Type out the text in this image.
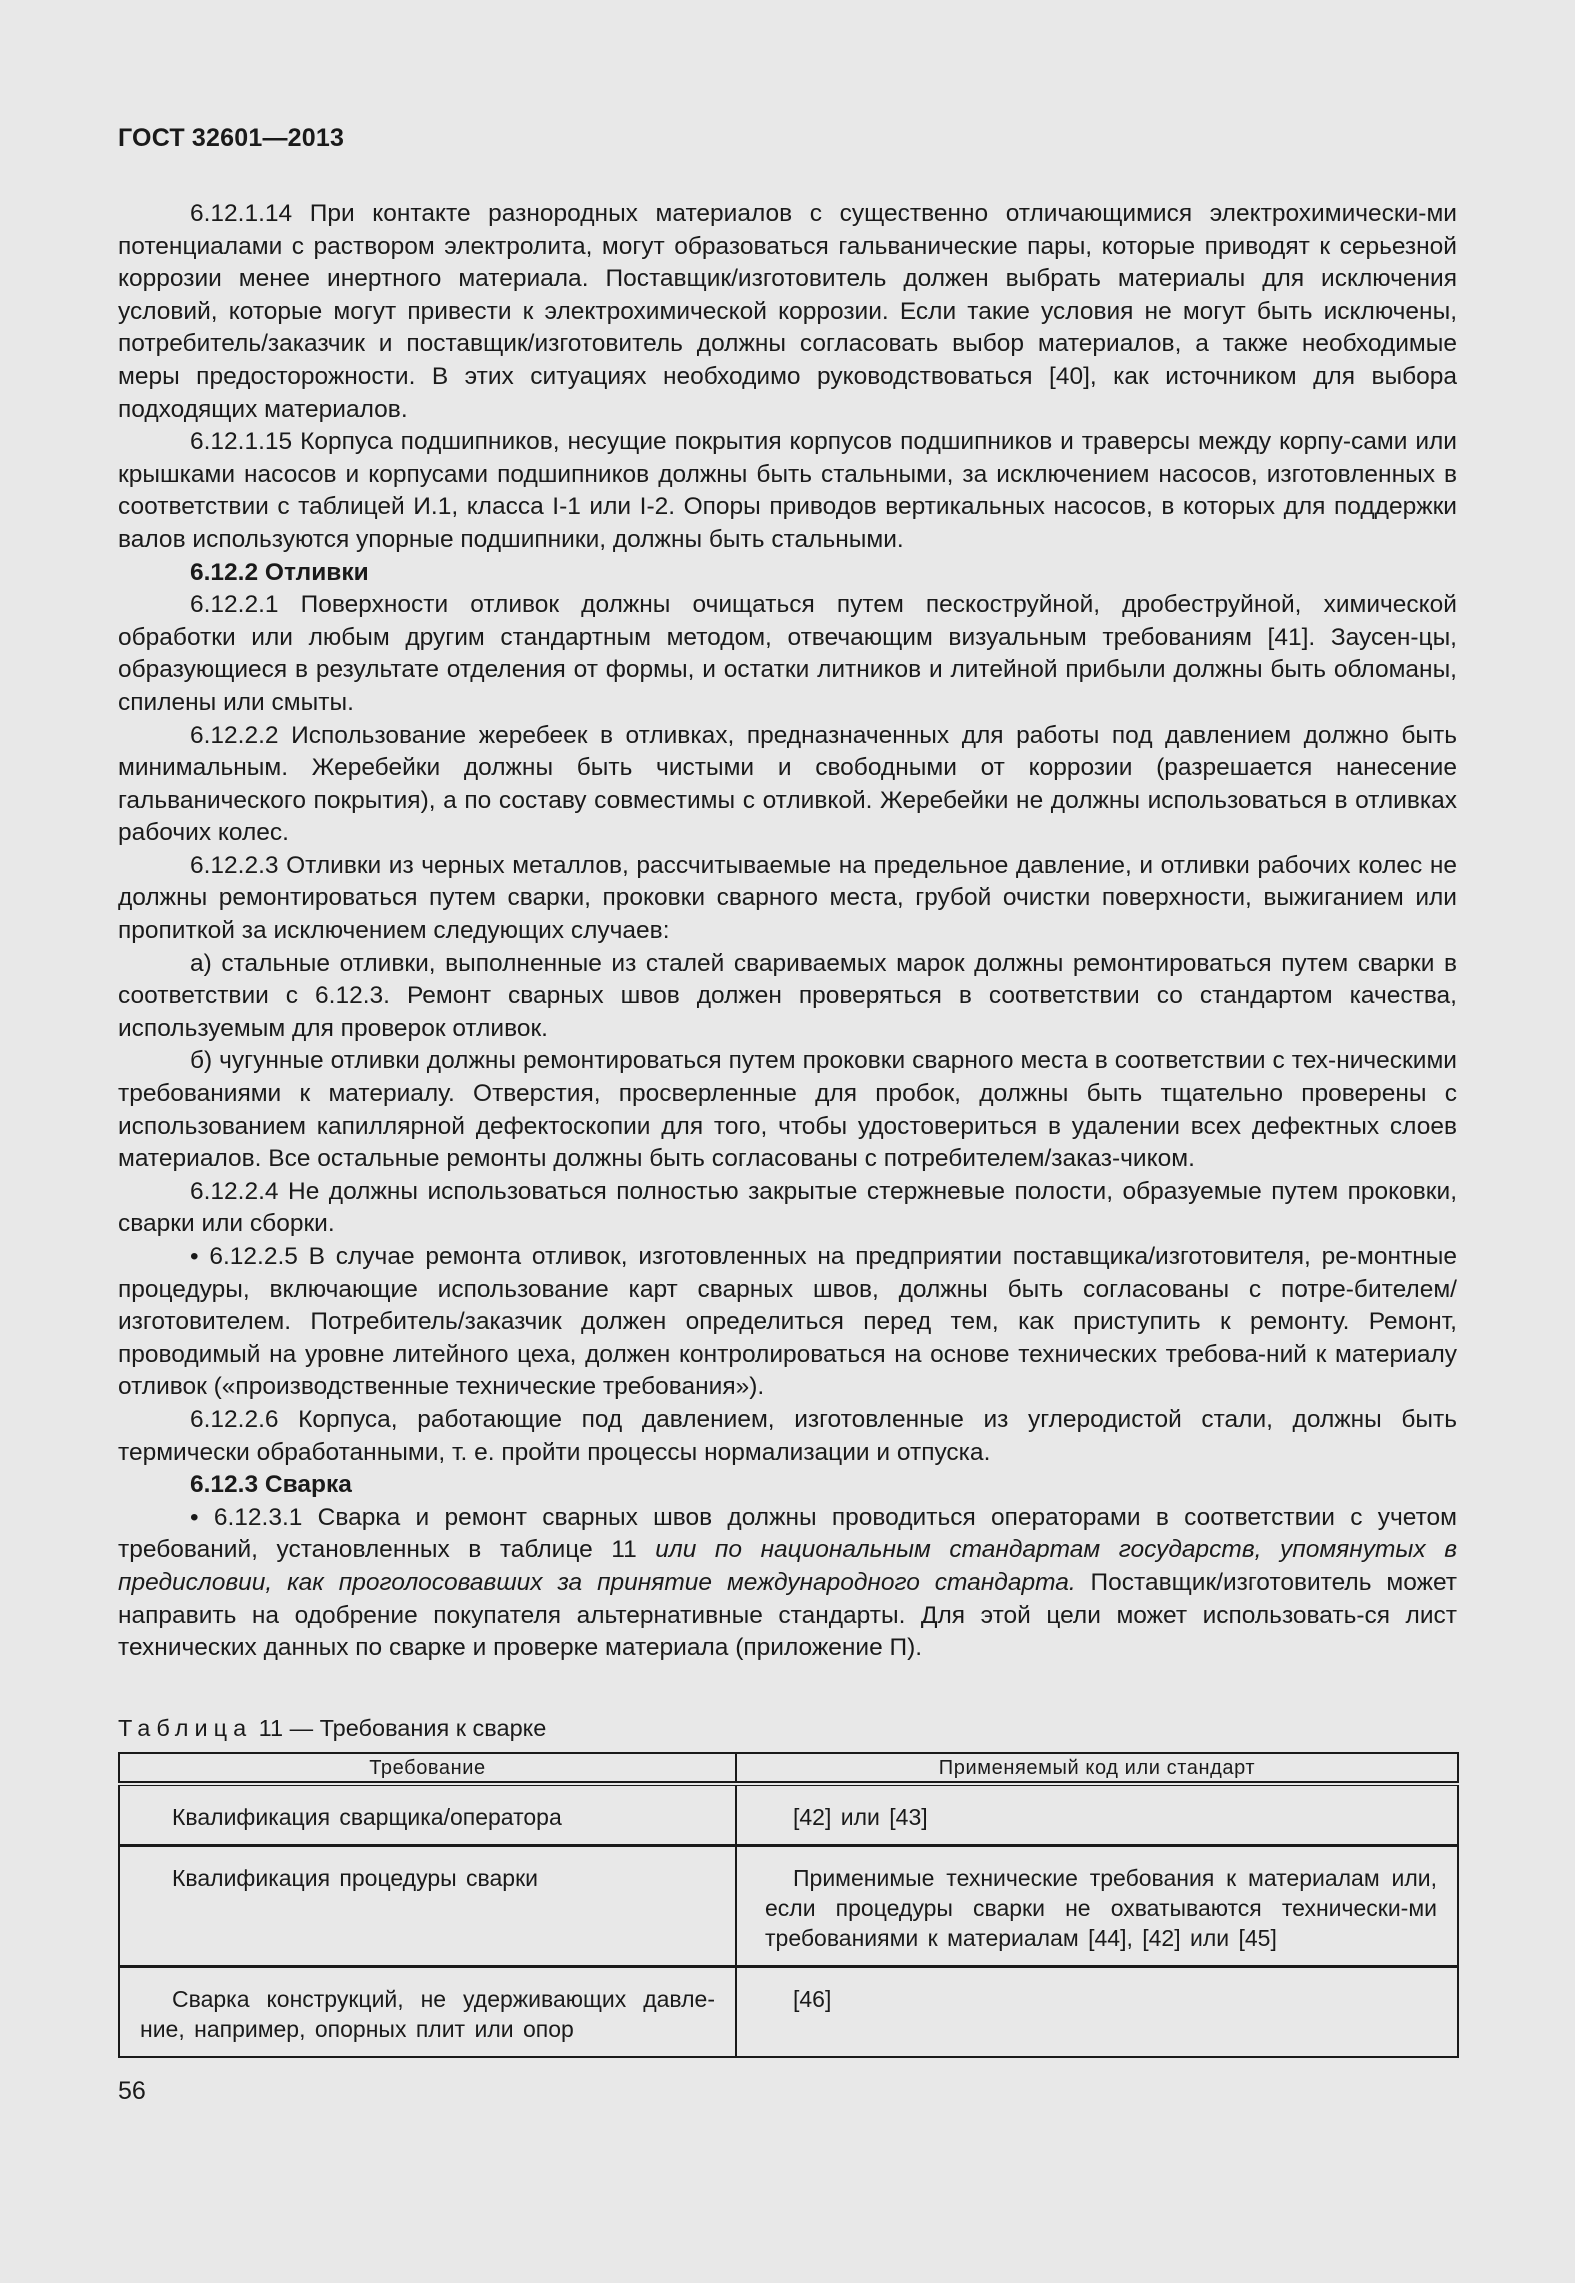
ГОСТ 32601—2013

6.12.1.14 При контакте разнородных материалов с существенно отличающимися электрохимически-ми потенциалами с раствором электролита, могут образоваться гальванические пары, которые приводят к серьезной коррозии менее инертного материала. Поставщик/изготовитель должен выбрать материалы для исключения условий, которые могут привести к электрохимической коррозии. Если такие условия не могут быть исключены, потребитель/заказчик и поставщик/изготовитель должны согласовать выбор материалов, а также необходимые меры предосторожности. В этих ситуациях необходимо руководствоваться [40], как источником для выбора подходящих материалов.

6.12.1.15 Корпуса подшипников, несущие покрытия корпусов подшипников и траверсы между корпу-сами или крышками насосов и корпусами подшипников должны быть стальными, за исключением насосов, изготовленных в соответствии с таблицей И.1, класса I-1 или I-2. Опоры приводов вертикальных насосов, в которых для поддержки валов используются упорные подшипники, должны быть стальными.

6.12.2 Отливки

6.12.2.1 Поверхности отливок должны очищаться путем пескоструйной, дробеструйной, химической обработки или любым другим стандартным методом, отвечающим визуальным требованиям [41]. Заусен-цы, образующиеся в результате отделения от формы, и остатки литников и литейной прибыли должны быть обломаны, спилены или смыты.

6.12.2.2 Использование жеребеек в отливках, предназначенных для работы под давлением должно быть минимальным. Жеребейки должны быть чистыми и свободными от коррозии (разрешается нанесение гальванического покрытия), а по составу совместимы с отливкой. Жеребейки не должны использоваться в отливках рабочих колес.

6.12.2.3 Отливки из черных металлов, рассчитываемые на предельное давление, и отливки рабочих колес не должны ремонтироваться путем сварки, проковки сварного места, грубой очистки поверхности, выжиганием или пропиткой за исключением следующих случаев:

а) стальные отливки, выполненные из сталей свариваемых марок должны ремонтироваться путем сварки в соответствии с 6.12.3. Ремонт сварных швов должен проверяться в соответствии со стандартом качества, используемым для проверок отливок.

б) чугунные отливки должны ремонтироваться путем проковки сварного места в соответствии с тех-ническими требованиями к материалу. Отверстия, просверленные для пробок, должны быть тщательно проверены с использованием капиллярной дефектоскопии для того, чтобы удостовериться в удалении всех дефектных слоев материалов. Все остальные ремонты должны быть согласованы с потребителем/заказ-чиком.

6.12.2.4 Не должны использоваться полностью закрытые стержневые полости, образуемые путем проковки, сварки или сборки.

• 6.12.2.5 В случае ремонта отливок, изготовленных на предприятии поставщика/изготовителя, ре-монтные процедуры, включающие использование карт сварных швов, должны быть согласованы с потре-бителем/изготовителем. Потребитель/заказчик должен определиться перед тем, как приступить к ремонту. Ремонт, проводимый на уровне литейного цеха, должен контролироваться на основе технических требова-ний к материалу отливок («производственные технические требования»).

6.12.2.6 Корпуса, работающие под давлением, изготовленные из углеродистой стали, должны быть термически обработанными, т. е. пройти процессы нормализации и отпуска.

6.12.3 Сварка

• 6.12.3.1 Сварка и ремонт сварных швов должны проводиться операторами в соответствии с учетом требований, установленных в таблице 11 или по национальным стандартам государств, упомянутых в предисловии, как проголосовавших за принятие международного стандарта. Поставщик/изготовитель может направить на одобрение покупателя альтернативные стандарты. Для этой цели может использовать-ся лист технических данных по сварке и проверке материала (приложение П).

Таблица 11 — Требования к сварке
Требование	Применяемый код или стандарт

Квалификация сварщика/оператора	[42] или [43]

Квалификация процедуры сварки	Применимые технические требования к материалам или, если процедуры сварки не охватываются технически-ми требованиями к материалам [44], [42] или [45]

Сварка конструкций, не удерживающих давле-ние, например, опорных плит или опор	[46]
56
